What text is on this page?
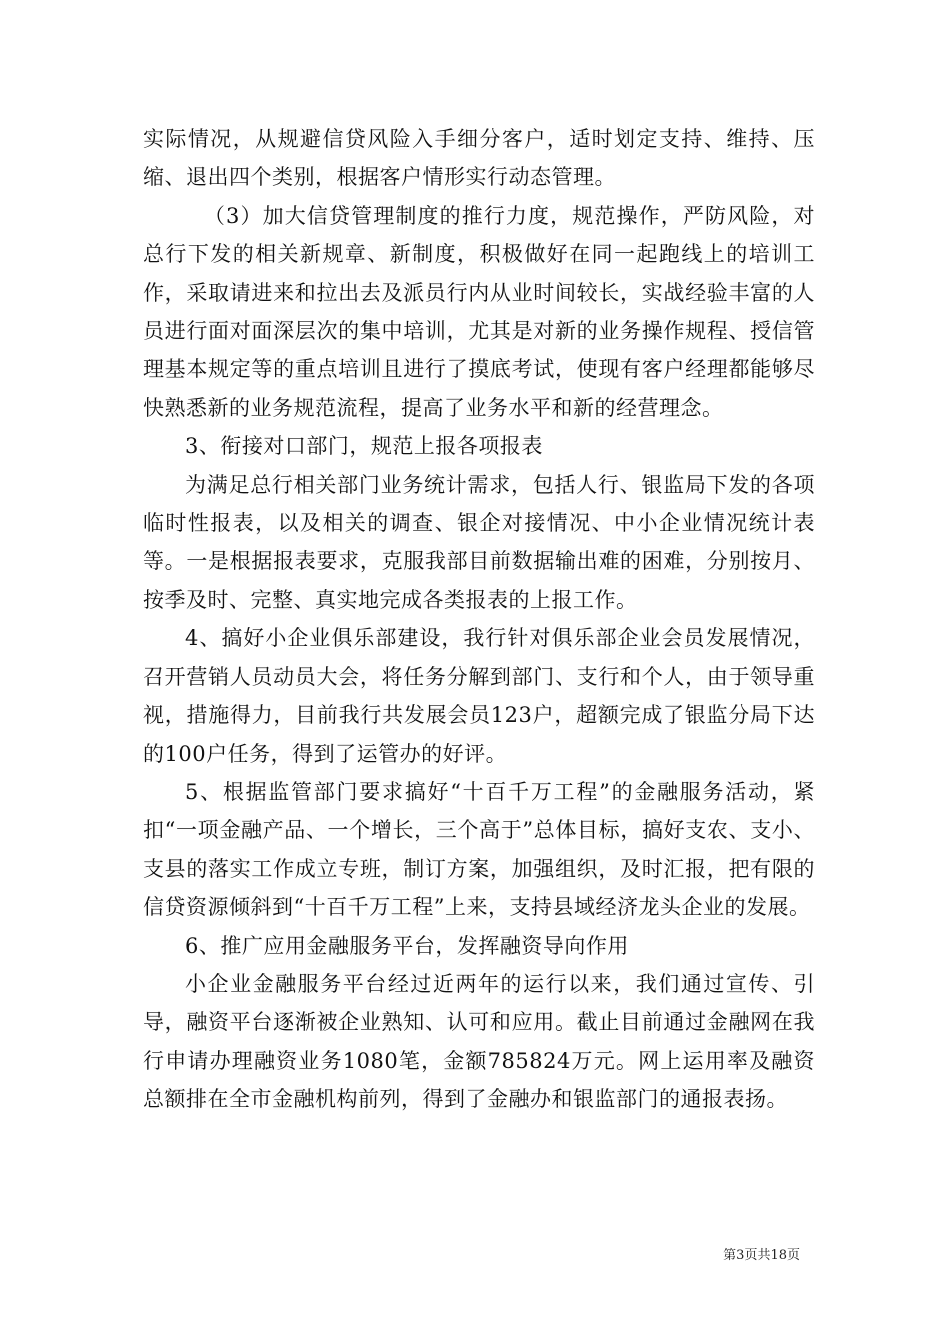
实际情况，从规避信贷风险入手细分客户，适时划定支持、维持、压缩、退出四个类别，根据客户情形实行动态管理。

（3）加大信贷管理制度的推行力度，规范操作，严防风险，对总行下发的相关新规章、新制度，积极做好在同一起跑线上的培训工作，采取请进来和拉出去及派员行内从业时间较长，实战经验丰富的人员进行面对面深层次的集中培训，尤其是对新的业务操作规程、授信管理基本规定等的重点培训且进行了摸底考试，使现有客户经理都能够尽快熟悉新的业务规范流程，提高了业务水平和新的经营理念。

3、衔接对口部门，规范上报各项报表

为满足总行相关部门业务统计需求，包括人行、银监局下发的各项临时性报表，以及相关的调查、银企对接情况、中小企业情况统计表等。一是根据报表要求，克服我部目前数据输出难的困难，分别按月、按季及时、完整、真实地完成各类报表的上报工作。

4、搞好小企业俱乐部建设，我行针对俱乐部企业会员发展情况，召开营销人员动员大会，将任务分解到部门、支行和个人，由于领导重视，措施得力，目前我行共发展会员123户，超额完成了银监分局下达的100户任务，得到了运管办的好评。

5、根据监管部门要求搞好“十百千万工程”的金融服务活动，紧扣“一项金融产品、一个增长，三个高于”总体目标，搞好支农、支小、支县的落实工作成立专班，制订方案，加强组织，及时汇报，把有限的信贷资源倾斜到“十百千万工程”上来，支持县域经济龙头企业的发展。

6、推广应用金融服务平台，发挥融资导向作用

小企业金融服务平台经过近两年的运行以来，我们通过宣传、引导，融资平台逐渐被企业熟知、认可和应用。截止目前通过金融网在我行申请办理融资业务1080笔，金额785824万元。网上运用率及融资总额排在全市金融机构前列，得到了金融办和银监部门的通报表扬。

第3页共18页
